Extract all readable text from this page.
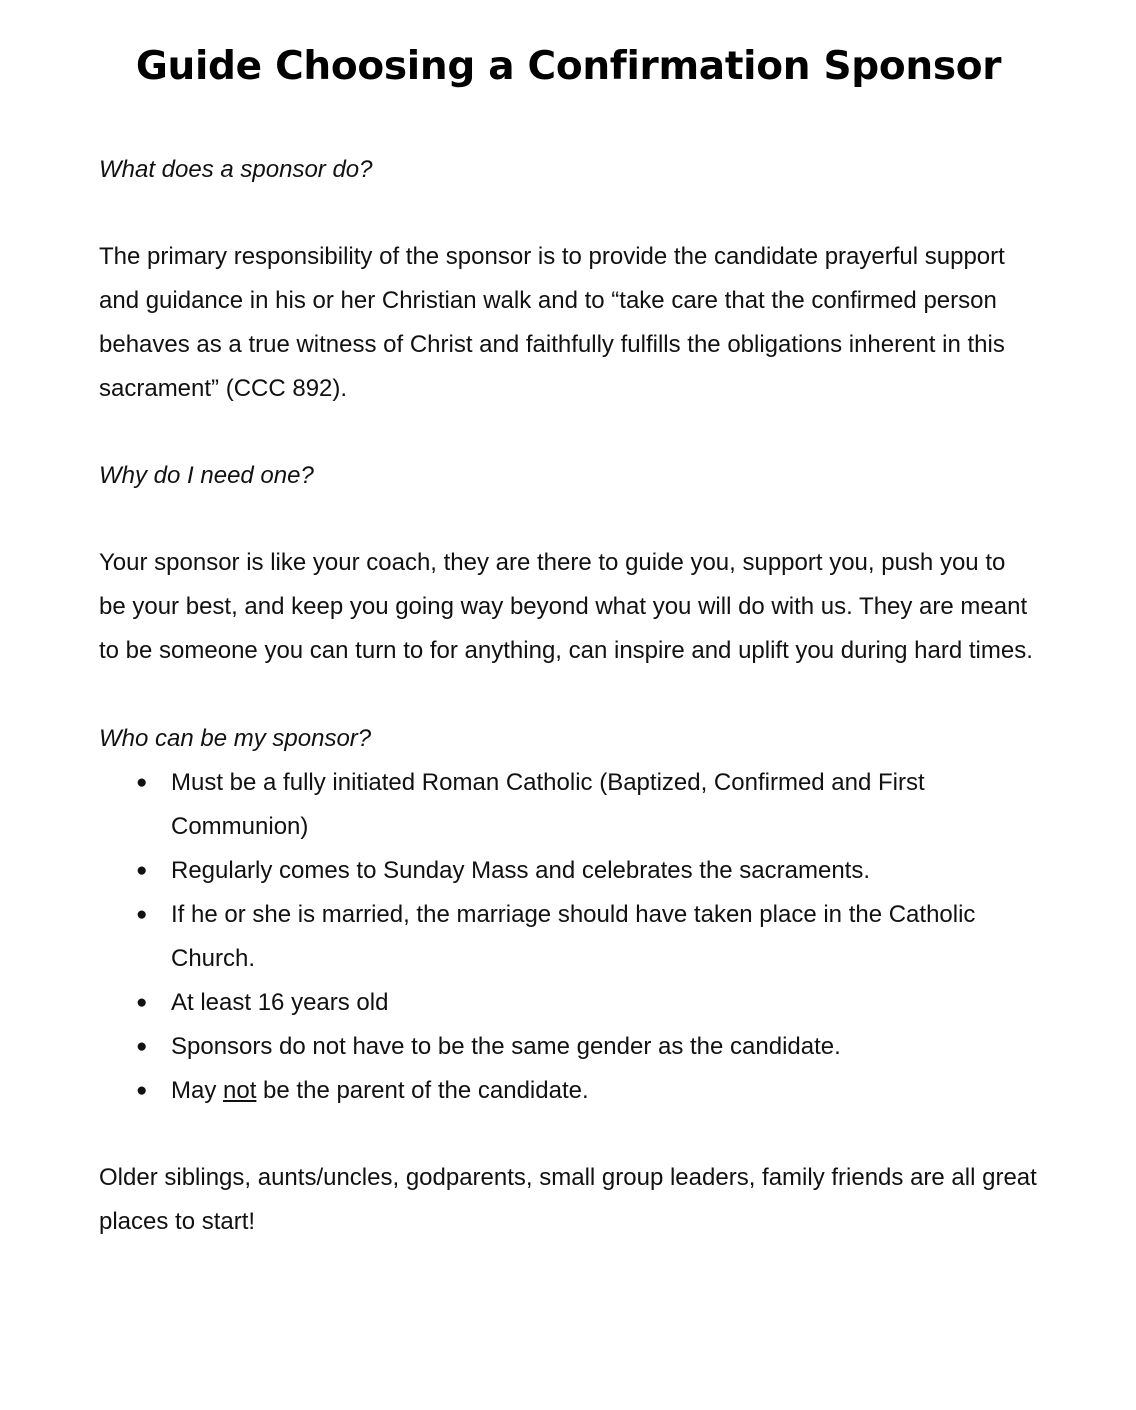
Guide Choosing a Confirmation Sponsor

What does a sponsor do?

The primary responsibility of the sponsor is to provide the candidate prayerful support and guidance in his or her Christian walk and to “take care that the confirmed person behaves as a true witness of Christ and faithfully fulfills the obligations inherent in this sacrament” (CCC 892).

Why do I need one?

Your sponsor is like your coach, they are there to guide you, support you, push you to be your best, and keep you going way beyond what you will do with us. They are meant to be someone you can turn to for anything, can inspire and uplift you during hard times.

Who can be my sponsor?

● Must be a fully initiated Roman Catholic (Baptized, Confirmed and First Communion)
● Regularly comes to Sunday Mass and celebrates the sacraments.
● If he or she is married, the marriage should have taken place in the Catholic Church.
● At least 16 years old
● Sponsors do not have to be the same gender as the candidate.
● May not be the parent of the candidate.

Older siblings, aunts/uncles, godparents, small group leaders, family friends are all great places to start!
